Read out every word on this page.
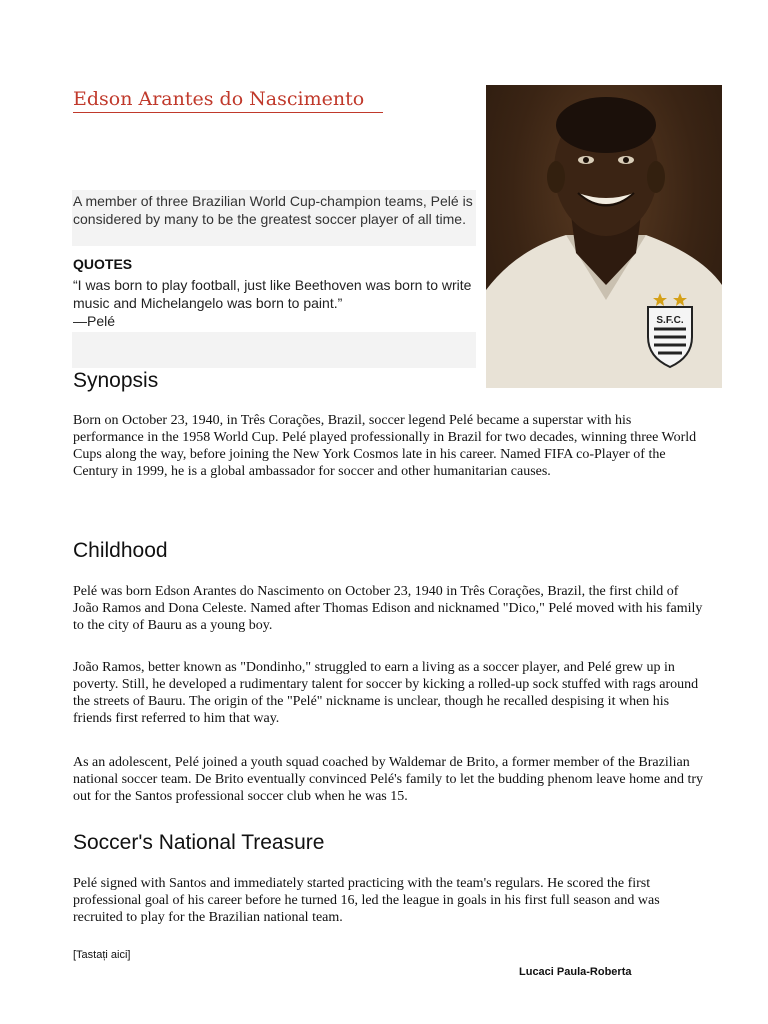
Edson Arantes do Nascimento
S.F.C.
A member of three Brazilian World Cup-champion teams, Pelé is considered by many to be the greatest soccer player of all time.
QUOTES
“I was born to play football, just like Beethoven was born to write music and Michelangelo was born to paint.”
—Pelé
Synopsis
Born on October 23, 1940, in Três Corações, Brazil, soccer legend Pelé became a superstar with his performance in the 1958 World Cup. Pelé played professionally in Brazil for two decades, winning three World Cups along the way, before joining the New York Cosmos late in his career. Named FIFA co-Player of the Century in 1999, he is a global ambassador for soccer and other humanitarian causes.
Childhood
Pelé was born Edson Arantes do Nascimento on October 23, 1940 in Três Corações, Brazil, the first child of João Ramos and Dona Celeste. Named after Thomas Edison and nicknamed "Dico," Pelé moved with his family to the city of Bauru as a young boy.
João Ramos, better known as "Dondinho," struggled to earn a living as a soccer player, and Pelé grew up in poverty. Still, he developed a rudimentary talent for soccer by kicking a rolled-up sock stuffed with rags around the streets of Bauru. The origin of the "Pelé" nickname is unclear, though he recalled despising it when his friends first referred to him that way.
As an adolescent, Pelé joined a youth squad coached by Waldemar de Brito, a former member of the Brazilian national soccer team. De Brito eventually convinced Pelé's family to let the budding phenom leave home and try out for the Santos professional soccer club when he was 15.
Soccer's National Treasure
Pelé signed with Santos and immediately started practicing with the team's regulars. He scored the first professional goal of his career before he turned 16, led the league in goals in his first full season and was recruited to play for the Brazilian national team.
[Tastați aici]
Lucaci Paula-Roberta
